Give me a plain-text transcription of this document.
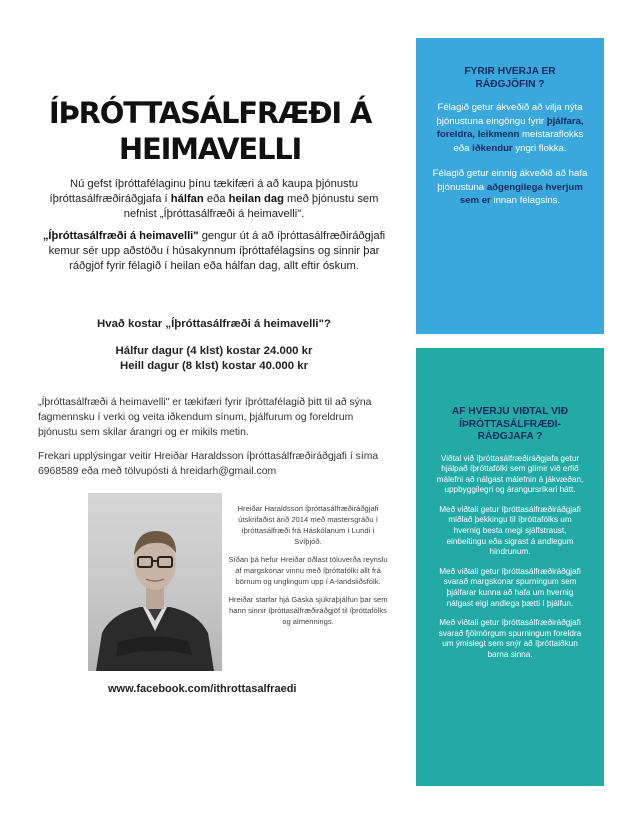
ÍÞRÓTTASÁLFRÆÐI Á
HEIMAVELLI

Nú gefst íþróttafélaginu þínu tækifæri á að kaupa þjónustu íþróttasálfræðiráðgjafa í hálfan eða heilan dag með þjónustu sem nefnist „Íþróttasálfræði á heimavelli".

„Íþróttasálfræði á heimavelli" gengur út á að íþróttasálfræðiráðgjafi kemur sér upp aðstöðu í húsakynnum íþróttafélagsins og sinnir þar ráðgjöf fyrir félagið í heilan eða hálfan dag, allt eftir óskum.

Hvað kostar „Íþróttasálfræði á heimavelli"?
Hálfur dagur (4 klst) kostar 24.000 kr
Heill dagur (8 klst) kostar 40.000 kr

„Íþróttasálfræði á heimavelli" er tækifæri fyrir íþróttafélagið þitt til að sýna fagmennsku í verki og veita iðkendum sínum, þjálfurum og foreldrum þjónustu sem skilar árangri og er mikils metin.

Frekari upplýsingar veitir Hreiðar Haraldsson íþróttasálfræðiráðgjafi í síma 6968589 eða með tölvupósti á hreidarh@gmail.com

Hreiðar Haraldsson íþróttasálfræðiráðgjafi útskrifaðist árið 2014 með mastersgráðu í íþróttasálfræði frá Háskólanum í Lundi í Svíþjóð.

Síðan þá hefur Hreiðar öðlast töluverða reynslu af margskonar vinnu með íþróttafólki allt frá börnum og unglingum upp í A-landsliðsfólk.

Hreiðar starfar hjá Gáska sjúkraþjálfun þar sem hann sinnir íþróttasálfræðiráðgjöf til íþróttafólks og almennings.

www.facebook.com/ithrottasalfraedi
FYRIR HVERJA ER RÁÐGJÖFIN ?

Félagið getur ákveðið að vilja nýta þjónustuna eingöngu fyrir þjálfara, foreldra, leikmenn meistaraflokks eða iðkendur yngri flokka.

Félagið getur einnig ákveðið að hafa þjónustuna aðgengilega hverjum sem er innan félagsins.

AF HVERJU VIÐTAL VIÐ ÍÞRÓTTASÁLFRÆÐI-RÁÐGJAFA ?

Viðtal við íþróttasálfræðiráðgjafa getur hjálpað íþróttafólki sem glímir við erfið málefni að nálgast málefnin á jákvæðan, uppbyggilegri og árangursríkari hátt.

Með viðtali getur íþróttasálfræðiráðgjafi miðlað þekkingu til íþróttafólks um hvernig besta megi sjálfstraust, einbeitingu eða sigrast á andlegum hindrunum.

Með viðtali getur íþróttasálfræðiráðgjafi svarað margskonar spurningum sem þjálfarar kunna að hafa um hvernig nálgast eigi andlega þætti í þjálfun.

Með viðtali getur íþróttasálfræðiráðgjafi svarað fjölmörgum spurningum foreldra um ýmislegt sem snýr að íþróttaiðkun barna sinna.
